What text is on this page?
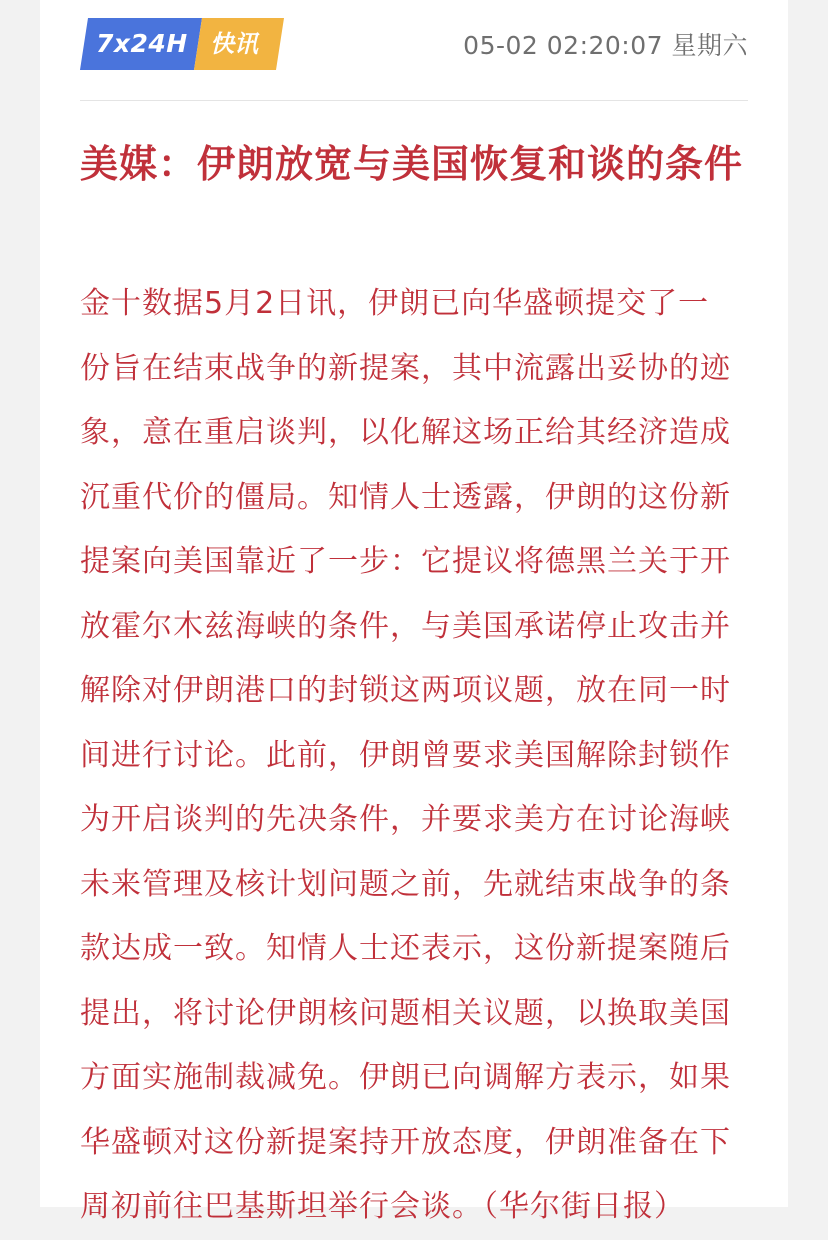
7x24H 快讯	05-02 02:20:07 星期六
美媒：伊朗放宽与美国恢复和谈的条件

金十数据5月2日讯，伊朗已向华盛顿提交了一份旨在结束战争的新提案，其中流露出妥协的迹象，意在重启谈判，以化解这场正给其经济造成沉重代价的僵局。知情人士透露，伊朗的这份新提案向美国靠近了一步：它提议将德黑兰关于开放霍尔木兹海峡的条件，与美国承诺停止攻击并解除对伊朗港口的封锁这两项议题，放在同一时间进行讨论。此前，伊朗曾要求美国解除封锁作为开启谈判的先决条件，并要求美方在讨论海峡未来管理及核计划问题之前，先就结束战争的条款达成一致。知情人士还表示，这份新提案随后提出，将讨论伊朗核问题相关议题，以换取美国方面实施制裁减免。伊朗已向调解方表示，如果华盛顿对这份新提案持开放态度，伊朗准备在下周初前往巴基斯坦举行会谈。（华尔街日报）
